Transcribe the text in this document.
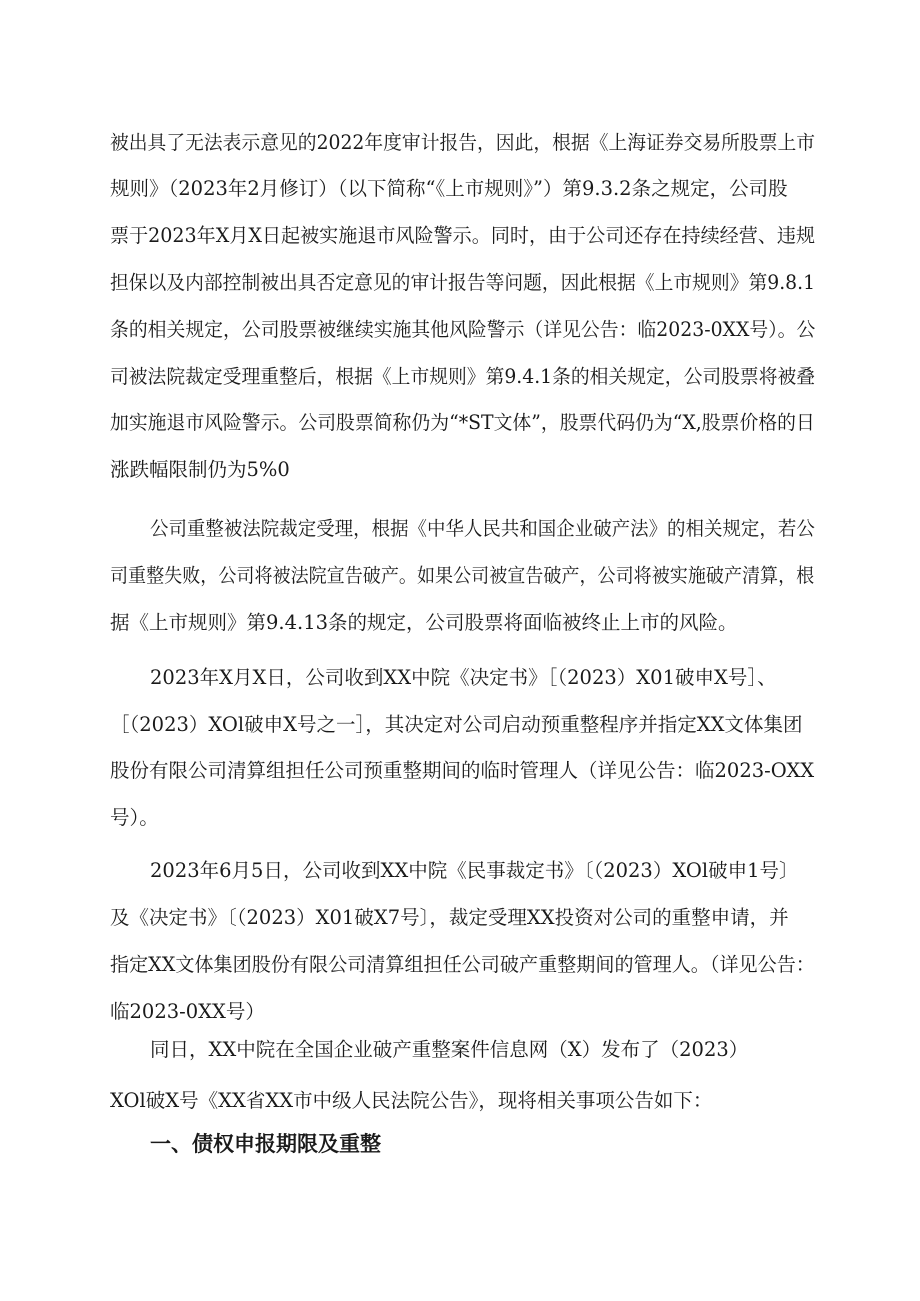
被出具了无法表示意见的2022年度审计报告，因此，根据《上海证券交易所股票上市
规则》（2023年2月修订）（以下简称“《上市规则》”）第9.3.2条之规定，公司股
票于2023年X月X日起被实施退市风险警示。同时，由于公司还存在持续经营、违规
担保以及内部控制被出具否定意见的审计报告等问题，因此根据《上市规则》第9.8.1
条的相关规定，公司股票被继续实施其他风险警示（详见公告：临2023-0XX号）。公
司被法院裁定受理重整后，根据《上市规则》第9.4.1条的相关规定，公司股票将被叠
加实施退市风险警示。公司股票简称仍为“*ST文体”，股票代码仍为“X,股票价格的日
涨跌幅限制仍为5%0
公司重整被法院裁定受理，根据《中华人民共和国企业破产法》的相关规定，若公
司重整失败，公司将被法院宣告破产。如果公司被宣告破产，公司将被实施破产清算，根
据《上市规则》第9.4.13条的规定，公司股票将面临被终止上市的风险。
2023年X月X日，公司收到XX中院《决定书》［（2023）X01破申X号］、
［（2023）XOl破申X号之一］，其决定对公司启动预重整程序并指定XX文体集团
股份有限公司清算组担任公司预重整期间的临时管理人（详见公告：临2023-OXX
号）。
2023年6月5日，公司收到XX中院《民事裁定书》〔（2023）XOl破申1号〕
及《决定书》〔（2023）X01破X7号〕，裁定受理XX投资对公司的重整申请，并
指定XX文体集团股份有限公司清算组担任公司破产重整期间的管理人。（详见公告：
临2023-0XX号）
同日，XX中院在全国企业破产重整案件信息网（X）发布了（2023）
XOl破X号《XX省XX市中级人民法院公告》，现将相关事项公告如下：
一、债权申报期限及重整
